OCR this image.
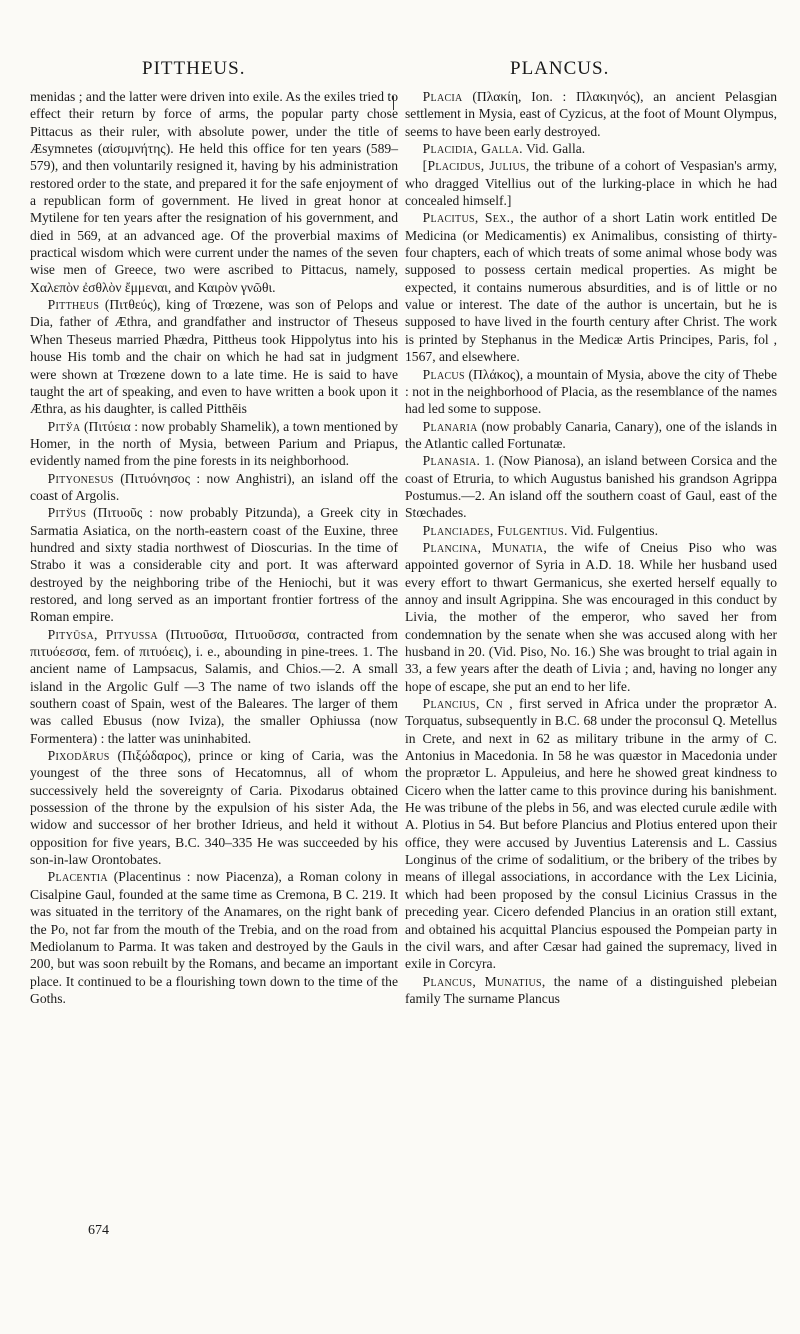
PITTHEUS.	PLANCUS.

menidas ; and the latter were driven into exile. As the exiles tried to effect their return by force of arms, the popular party chose Pittacus as their ruler, with absolute power, under the title of Æsymnetes (αἰσυμνήτης). He held this office for ten years (589–579), and then voluntarily resigned it, having by his administration restored order to the state, and prepared it for the safe enjoyment of a republican form of government. He lived in great honor at Mytilene for ten years after the resignation of his government, and died in 569, at an advanced age. Of the proverbial maxims of practical wisdom which were current under the names of the seven wise men of Greece, two were ascribed to Pittacus, namely, Χαλεπὸν ἐσθλὸν ἔμμεναι, and Καιρὸν γνῶθι.

Pittheus (Πιτθεύς), king of Trœzene, was son of Pelops and Dia, father of Æthra, and grandfather and instructor of Theseus When Theseus married Phædra, Pittheus took Hippolytus into his house His tomb and the chair on which he had sat in judgment were shown at Trœzene down to a late time. He is said to have taught the art of speaking, and even to have written a book upon it Æthra, as his daughter, is called Pitthēis

Pitўa (Πιτύεια : now probably Shamelik), a town mentioned by Homer, in the north of Mysia, between Parium and Priapus, evidently named from the pine forests in its neighborhood.

Pityonesus (Πιτυόνησος : now Anghistri), an island off the coast of Argolis.

Pitўus (Πιτυοῦς : now probably Pitzunda), a Greek city in Sarmatia Asiatica, on the north-eastern coast of the Euxine, three hundred and sixty stadia northwest of Dioscurias. In the time of Strabo it was a considerable city and port. It was afterward destroyed by the neighboring tribe of the Heniochi, but it was restored, and long served as an important frontier fortress of the Roman empire.

Pityūsa, Pityussa (Πιτυοῦσα, Πιτυοῦσσα, contracted from πιτυόεσσα, fem. of πιτυόεις), i. e., abounding in pine-trees. 1. The ancient name of Lampsacus, Salamis, and Chios.—2. A small island in the Argolic Gulf —3 The name of two islands off the southern coast of Spain, west of the Baleares. The larger of them was called Ebusus (now Iviza), the smaller Ophiussa (now Formentera) : the latter was uninhabited.

Pixodărus (Πιξώδαρος), prince or king of Caria, was the youngest of the three sons of Hecatomnus, all of whom successively held the sovereignty of Caria. Pixodarus obtained possession of the throne by the expulsion of his sister Ada, the widow and successor of her brother Idrieus, and held it without opposition for five years, B.C. 340–335 He was succeeded by his son-in-law Orontobates.

Placentia (Placentinus : now Piacenza), a Roman colony in Cisalpine Gaul, founded at the same time as Cremona, B C. 219. It was situated in the territory of the Anamares, on the right bank of the Po, not far from the mouth of the Trebia, and on the road from Mediolanum to Parma. It was taken and destroyed by the Gauls in 200, but was soon rebuilt by the Romans, and became an important place. It continued to be a flourishing town down to the time of the Goths.

Placia (Πλακίη, Ion. : Πλακιηνός), an ancient Pelasgian settlement in Mysia, east of Cyzicus, at the foot of Mount Olympus, seems to have been early destroyed.

Placidia, Galla. Vid. Galla.

[Placidus, Julius, the tribune of a cohort of Vespasian's army, who dragged Vitellius out of the lurking-place in which he had concealed himself.]

Placitus, Sex., the author of a short Latin work entitled De Medicina (or Medicamentis) ex Animalibus, consisting of thirty-four chapters, each of which treats of some animal whose body was supposed to possess certain medical properties. As might be expected, it contains numerous absurdities, and is of little or no value or interest. The date of the author is uncertain, but he is supposed to have lived in the fourth century after Christ. The work is printed by Stephanus in the Medicæ Artis Principes, Paris, fol , 1567, and elsewhere.

Placus (Πλάκος), a mountain of Mysia, above the city of Thebe : not in the neighborhood of Placia, as the resemblance of the names had led some to suppose.

Planaria (now probably Canaria, Canary), one of the islands in the Atlantic called Fortunatæ.

Planasia. 1. (Now Pianosa), an island between Corsica and the coast of Etruria, to which Augustus banished his grandson Agrippa Postumus.—2. An island off the southern coast of Gaul, east of the Stœchades.

Planciades, Fulgentius. Vid. Fulgentius.

Plancina, Munatia, the wife of Cneius Piso who was appointed governor of Syria in A.D. 18. While her husband used every effort to thwart Germanicus, she exerted herself equally to annoy and insult Agrippina. She was encouraged in this conduct by Livia, the mother of the emperor, who saved her from condemnation by the senate when she was accused along with her husband in 20. (Vid. Piso, No. 16.) She was brought to trial again in 33, a few years after the death of Livia ; and, having no longer any hope of escape, she put an end to her life.

Plancius, Cn , first served in Africa under the proprætor A. Torquatus, subsequently in B.C. 68 under the proconsul Q. Metellus in Crete, and next in 62 as military tribune in the army of C. Antonius in Macedonia. In 58 he was quæstor in Macedonia under the proprætor L. Appuleius, and here he showed great kindness to Cicero when the latter came to this province during his banishment. He was tribune of the plebs in 56, and was elected curule ædile with A. Plotius in 54. But before Plancius and Plotius entered upon their office, they were accused by Juventius Laterensis and L. Cassius Longinus of the crime of sodalitium, or the bribery of the tribes by means of illegal associations, in accordance with the Lex Licinia, which had been proposed by the consul Licinius Crassus in the preceding year. Cicero defended Plancius in an oration still extant, and obtained his acquittal Plancius espoused the Pompeian party in the civil wars, and after Cæsar had gained the supremacy, lived in exile in Corcyra.

Plancus, Munatius, the name of a distinguished plebeian family The surname Plancus

674
